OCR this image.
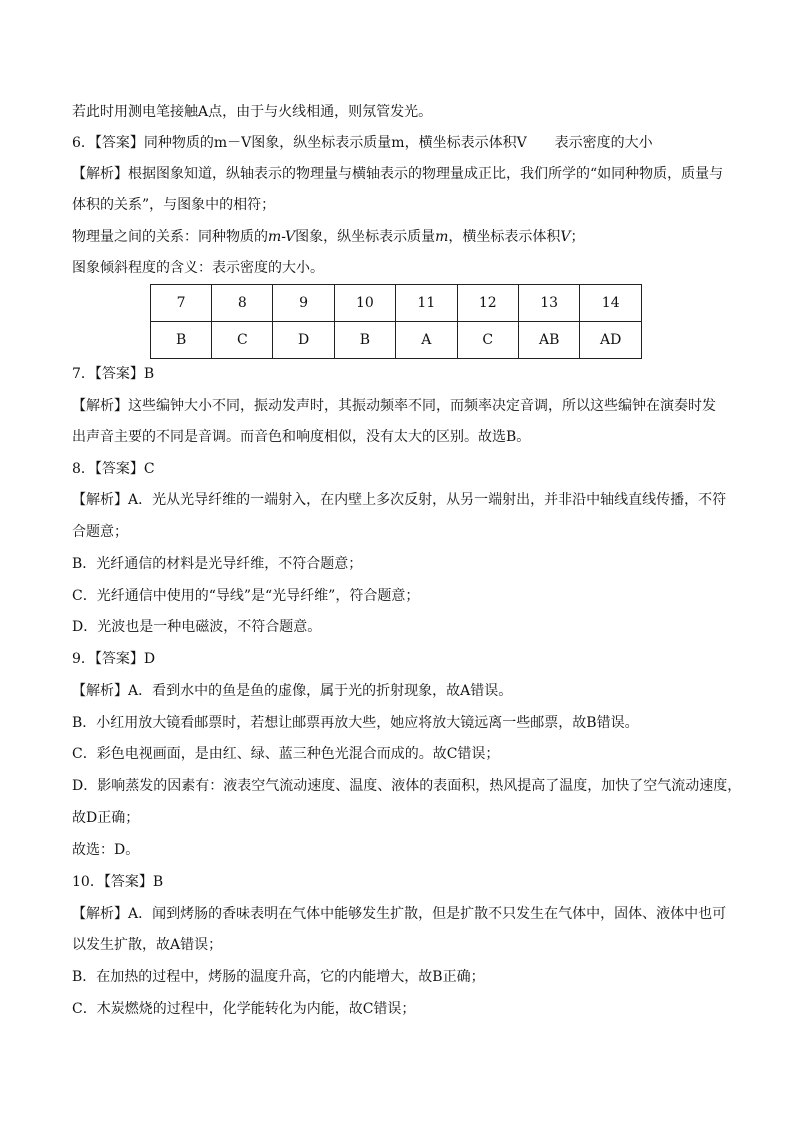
若此时用测电笔接触A点，由于与火线相通，则氖管发光。
6．【答案】同种物质的m－V图象，纵坐标表示质量m，横坐标表示体积V　　表示密度的大小
【解析】根据图象知道，纵轴表示的物理量与横轴表示的物理量成正比，我们所学的“如同种物质，质量与
体积的关系”，与图象中的相符；
物理量之间的关系：同种物质的m-V图象，纵坐标表示质量m，横坐标表示体积V；
图象倾斜程度的含义：表示密度的大小。
7	8	9	10	11	12	13	14
B	C	D	B	A	C	AB	AD
7．【答案】B
【解析】这些编钟大小不同，振动发声时，其振动频率不同，而频率决定音调，所以这些编钟在演奏时发
出声音主要的不同是音调。而音色和响度相似，没有太大的区别。故选B。
8．【答案】C
【解析】A．光从光导纤维的一端射入，在内壁上多次反射，从另一端射出，并非沿中轴线直线传播，不符
合题意；
B．光纤通信的材料是光导纤维，不符合题意；
C．光纤通信中使用的“导线”是“光导纤维”，符合题意；
D．光波也是一种电磁波，不符合题意。
9．【答案】D
【解析】A．看到水中的鱼是鱼的虚像，属于光的折射现象，故A错误。
B．小红用放大镜看邮票时，若想让邮票再放大些，她应将放大镜远离一些邮票，故B错误。
C．彩色电视画面，是由红、绿、蓝三种色光混合而成的。故C错误；
D．影响蒸发的因素有：液表空气流动速度、温度、液体的表面积，热风提高了温度，加快了空气流动速度，
故D正确；
故选：D。
10．【答案】B
【解析】A．闻到烤肠的香味表明在气体中能够发生扩散，但是扩散不只发生在气体中，固体、液体中也可
以发生扩散，故A错误；
B．在加热的过程中，烤肠的温度升高，它的内能增大，故B正确；
C．木炭燃烧的过程中，化学能转化为内能，故C错误；
